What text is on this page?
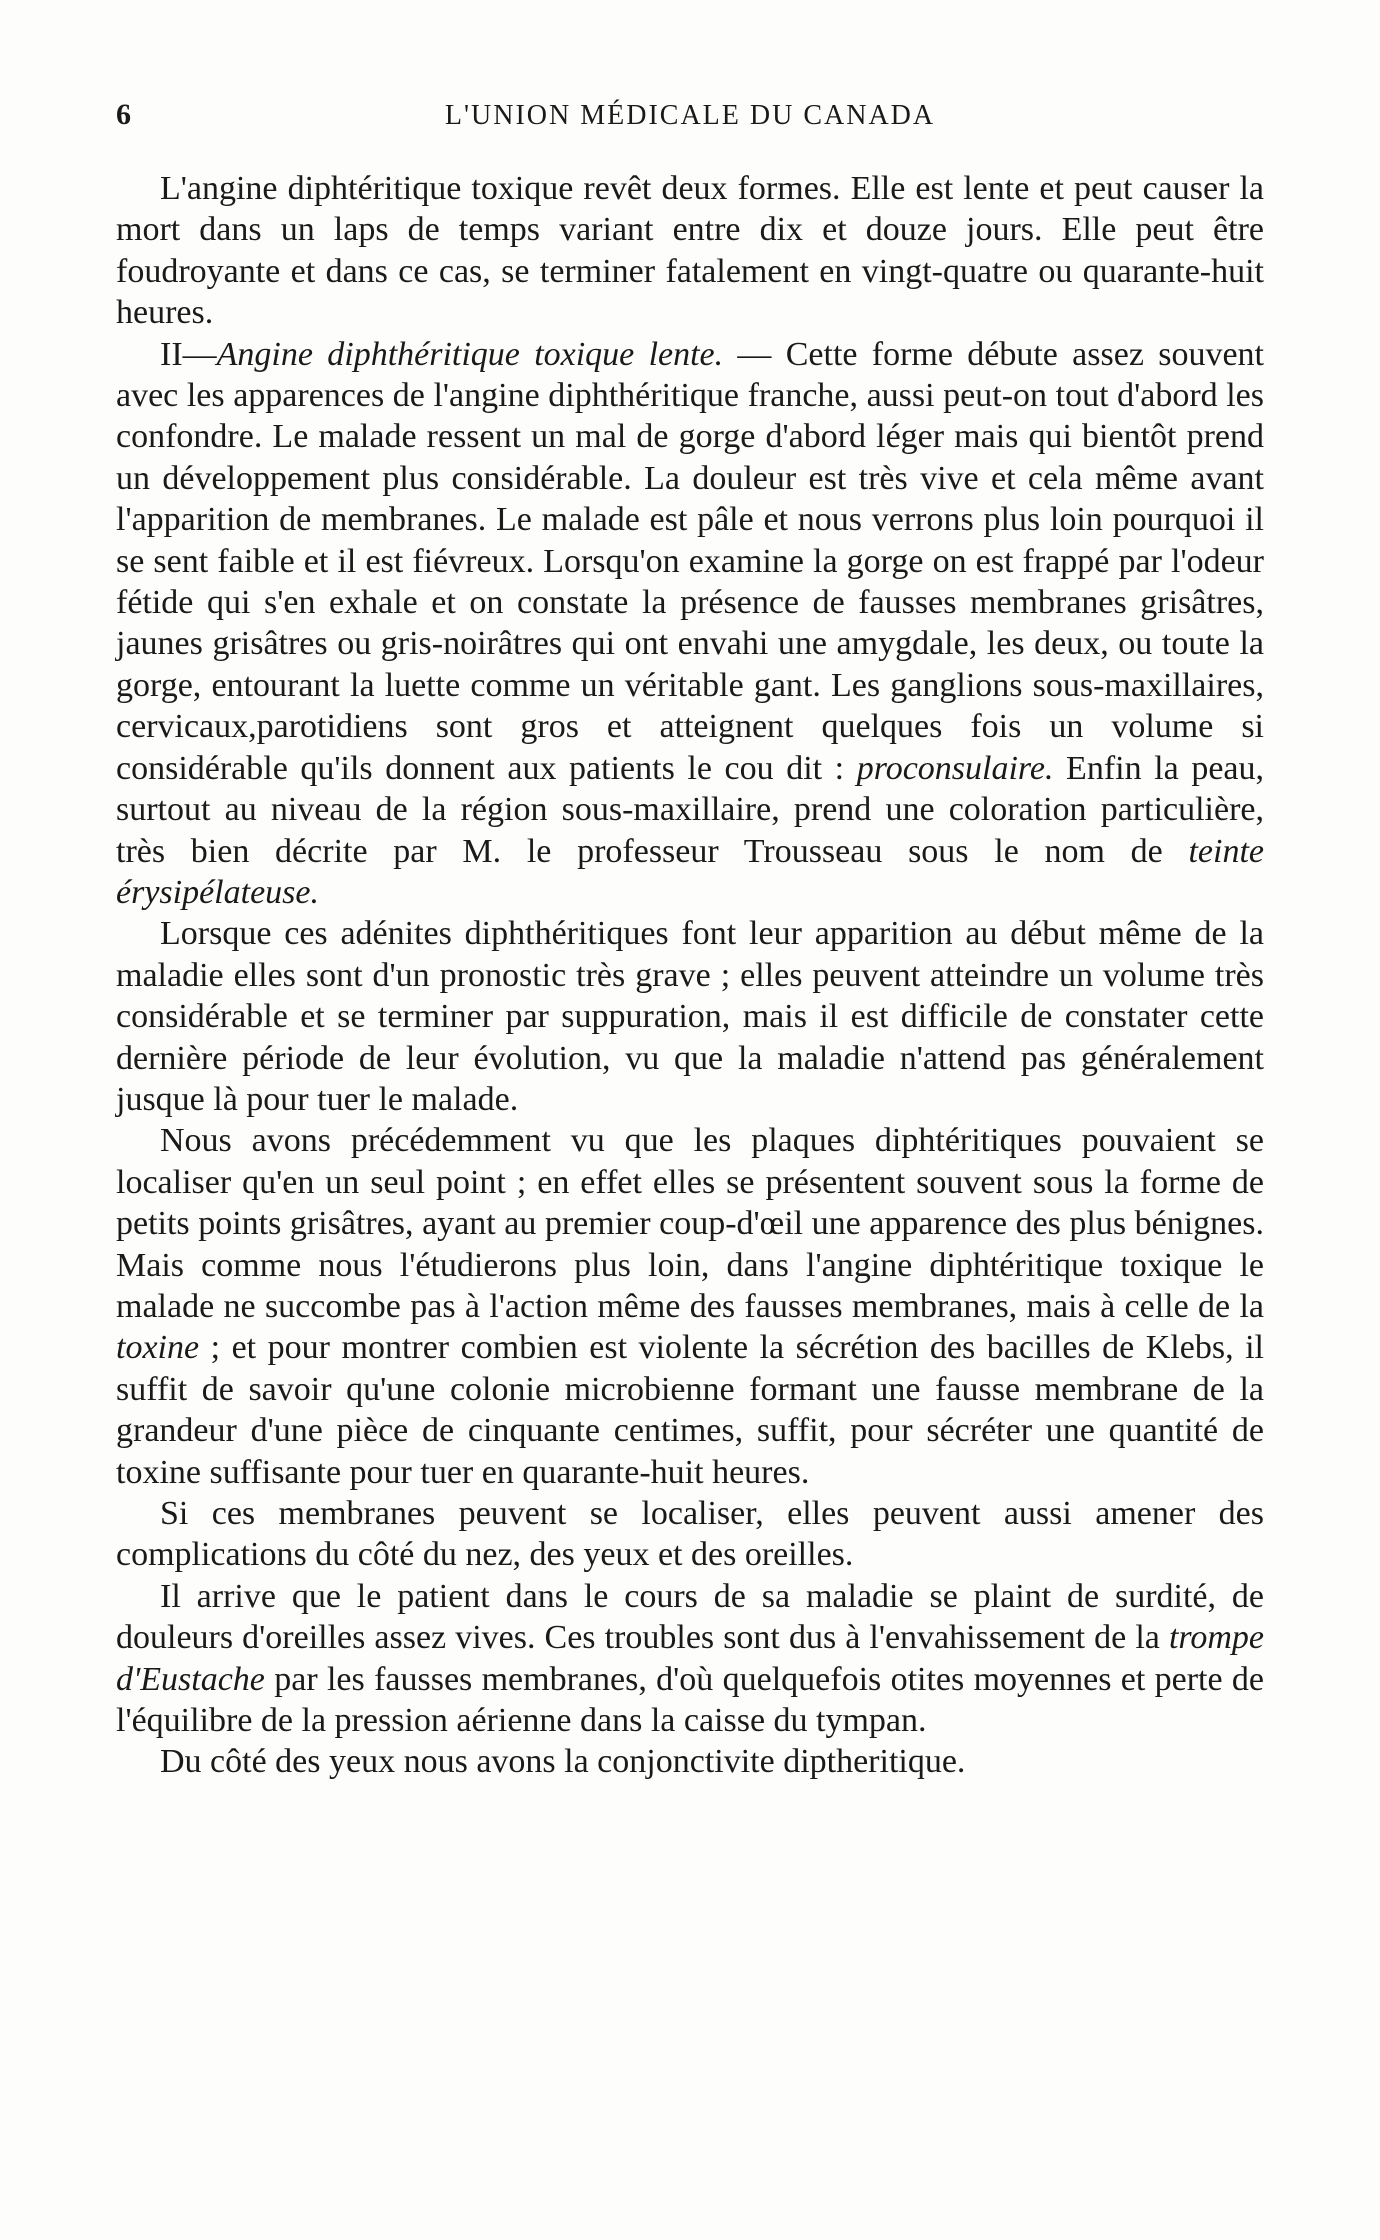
6	L'UNION MÉDICALE DU CANADA

L'angine diphtéritique toxique revêt deux formes. Elle est lente et peut causer la mort dans un laps de temps variant entre dix et douze jours. Elle peut être foudroyante et dans ce cas, se terminer fatalement en vingt-quatre ou quarante-huit heures.

II—Angine diphthéritique toxique lente. — Cette forme débute assez souvent avec les apparences de l'angine diphthéritique franche, aussi peut-on tout d'abord les confondre. Le malade ressent un mal de gorge d'abord léger mais qui bientôt prend un développement plus considérable. La douleur est très vive et cela même avant l'apparition de membranes. Le malade est pâle et nous verrons plus loin pourquoi il se sent faible et il est fiévreux. Lorsqu'on examine la gorge on est frappé par l'odeur fétide qui s'en exhale et on constate la présence de fausses membranes grisâtres, jaunes grisâtres ou gris-noirâtres qui ont envahi une amygdale, les deux, ou toute la gorge, entourant la luette comme un véritable gant. Les ganglions sous-maxillaires, cervicaux,parotidiens sont gros et atteignent quelques fois un volume si considérable qu'ils donnent aux patients le cou dit : proconsulaire. Enfin la peau, surtout au niveau de la région sous-maxillaire, prend une coloration particulière, très bien décrite par M. le professeur Trousseau sous le nom de teinte érysipélateuse.

Lorsque ces adénites diphthéritiques font leur apparition au début même de la maladie elles sont d'un pronostic très grave ; elles peuvent atteindre un volume très considérable et se terminer par suppuration, mais il est difficile de constater cette dernière période de leur évolution, vu que la maladie n'attend pas généralement jusque là pour tuer le malade.

Nous avons précédemment vu que les plaques diphtéritiques pouvaient se localiser qu'en un seul point ; en effet elles se présentent souvent sous la forme de petits points grisâtres, ayant au premier coup-d'œil une apparence des plus bénignes. Mais comme nous l'étudierons plus loin, dans l'angine diphtéritique toxique le malade ne succombe pas à l'action même des fausses membranes, mais à celle de la toxine ; et pour montrer combien est violente la sécrétion des bacilles de Klebs, il suffit de savoir qu'une colonie microbienne formant une fausse membrane de la grandeur d'une pièce de cinquante centimes, suffit, pour sécréter une quantité de toxine suffisante pour tuer en quarante-huit heures.

Si ces membranes peuvent se localiser, elles peuvent aussi amener des complications du côté du nez, des yeux et des oreilles.

Il arrive que le patient dans le cours de sa maladie se plaint de surdité, de douleurs d'oreilles assez vives. Ces troubles sont dus à l'envahissement de la trompe d'Eustache par les fausses membranes, d'où quelquefois otites moyennes et perte de l'équilibre de la pression aérienne dans la caisse du tympan.

Du côté des yeux nous avons la conjonctivite diptheritique.
